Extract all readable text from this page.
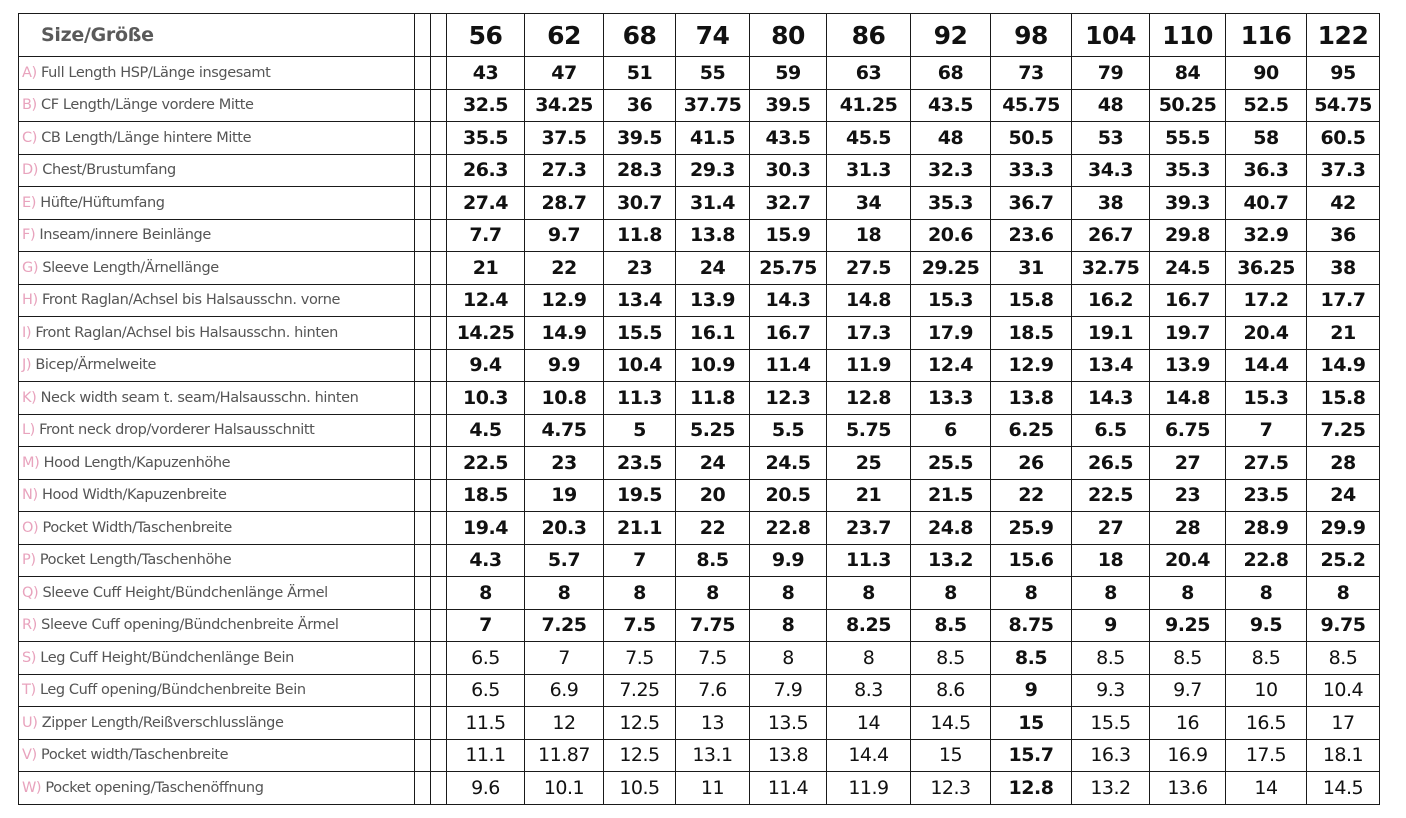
Size/Größe			56	62	68	74	80	86	92	98	104	110	116	122
A) Full Length HSP/Länge insgesamt			43	47	51	55	59	63	68	73	79	84	90	95
B) CF Length/Länge vordere Mitte			32.5	34.25	36	37.75	39.5	41.25	43.5	45.75	48	50.25	52.5	54.75
C) CB Length/Länge hintere Mitte			35.5	37.5	39.5	41.5	43.5	45.5	48	50.5	53	55.5	58	60.5
D) Chest/Brustumfang			26.3	27.3	28.3	29.3	30.3	31.3	32.3	33.3	34.3	35.3	36.3	37.3
E) Hüfte/Hüftumfang			27.4	28.7	30.7	31.4	32.7	34	35.3	36.7	38	39.3	40.7	42
F) Inseam/innere Beinlänge			7.7	9.7	11.8	13.8	15.9	18	20.6	23.6	26.7	29.8	32.9	36
G) Sleeve Length/Ärnellänge			21	22	23	24	25.75	27.5	29.25	31	32.75	24.5	36.25	38
H) Front Raglan/Achsel bis Halsausschn. vorne			12.4	12.9	13.4	13.9	14.3	14.8	15.3	15.8	16.2	16.7	17.2	17.7
I) Front Raglan/Achsel bis Halsausschn. hinten			14.25	14.9	15.5	16.1	16.7	17.3	17.9	18.5	19.1	19.7	20.4	21
J) Bicep/Ärmelweite			9.4	9.9	10.4	10.9	11.4	11.9	12.4	12.9	13.4	13.9	14.4	14.9
K) Neck width seam t. seam/Halsausschn. hinten			10.3	10.8	11.3	11.8	12.3	12.8	13.3	13.8	14.3	14.8	15.3	15.8
L) Front neck drop/vorderer Halsausschnitt			4.5	4.75	5	5.25	5.5	5.75	6	6.25	6.5	6.75	7	7.25
M) Hood Length/Kapuzenhöhe			22.5	23	23.5	24	24.5	25	25.5	26	26.5	27	27.5	28
N) Hood Width/Kapuzenbreite			18.5	19	19.5	20	20.5	21	21.5	22	22.5	23	23.5	24
O) Pocket Width/Taschenbreite			19.4	20.3	21.1	22	22.8	23.7	24.8	25.9	27	28	28.9	29.9
P) Pocket Length/Taschenhöhe			4.3	5.7	7	8.5	9.9	11.3	13.2	15.6	18	20.4	22.8	25.2
Q) Sleeve Cuff Height/Bündchenlänge Ärmel			8	8	8	8	8	8	8	8	8	8	8	8
R) Sleeve Cuff opening/Bündchenbreite Ärmel			7	7.25	7.5	7.75	8	8.25	8.5	8.75	9	9.25	9.5	9.75
S) Leg Cuff Height/Bündchenlänge Bein			6.5	7	7.5	7.5	8	8	8.5	8.5	8.5	8.5	8.5	8.5
T) Leg Cuff opening/Bündchenbreite Bein			6.5	6.9	7.25	7.6	7.9	8.3	8.6	9	9.3	9.7	10	10.4
U) Zipper Length/Reißverschlusslänge			11.5	12	12.5	13	13.5	14	14.5	15	15.5	16	16.5	17
V) Pocket width/Taschenbreite			11.1	11.87	12.5	13.1	13.8	14.4	15	15.7	16.3	16.9	17.5	18.1
W) Pocket opening/Taschenöffnung			9.6	10.1	10.5	11	11.4	11.9	12.3	12.8	13.2	13.6	14	14.5
